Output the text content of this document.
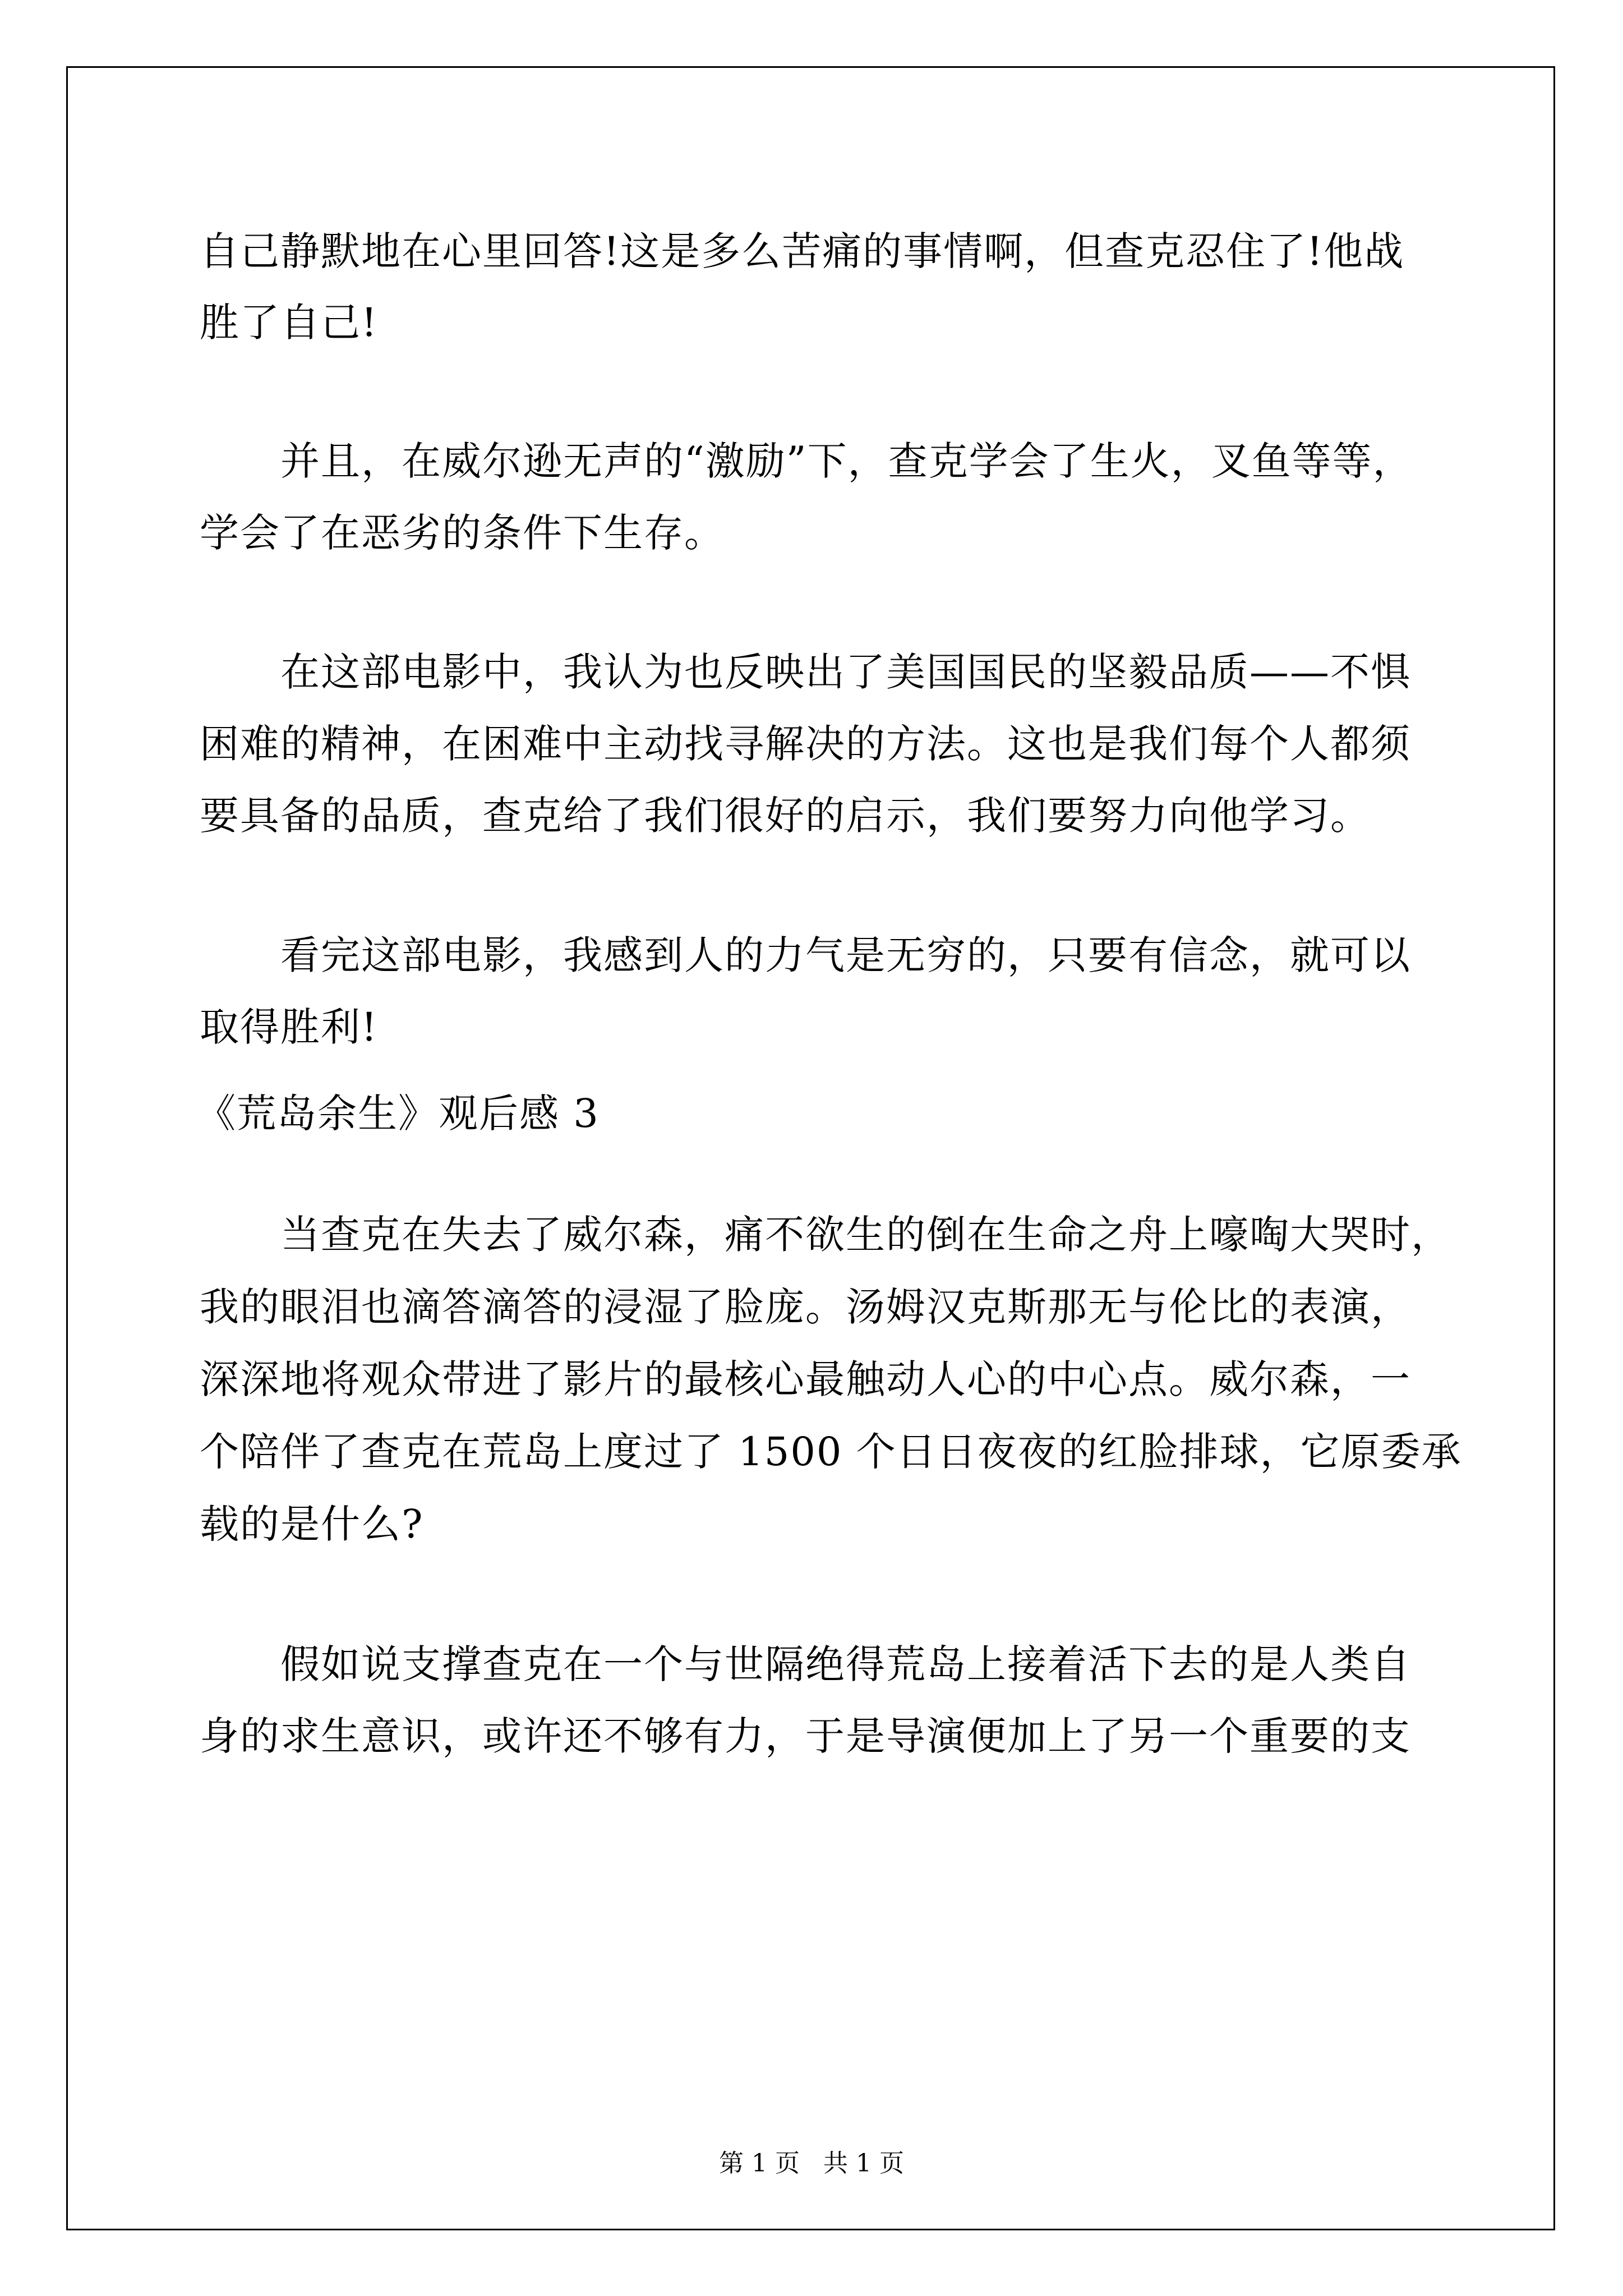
自己静默地在心里回答!这是多么苦痛的事情啊，但查克忍住了!他战
胜了自己!
并且，在威尔逊无声的“激励”下，查克学会了生火，叉鱼等等，
学会了在恶劣的条件下生存。
在这部电影中，我认为也反映出了美国国民的坚毅品质——不惧
困难的精神，在困难中主动找寻解决的方法。这也是我们每个人都须
要具备的品质，查克给了我们很好的启示，我们要努力向他学习。
看完这部电影，我感到人的力气是无穷的，只要有信念，就可以
取得胜利!
《荒岛余生》观后感 3
当查克在失去了威尔森，痛不欲生的倒在生命之舟上嚎啕大哭时，
我的眼泪也滴答滴答的浸湿了脸庞。汤姆汉克斯那无与伦比的表演，
深深地将观众带进了影片的最核心最触动人心的中心点。威尔森，一
个陪伴了查克在荒岛上度过了 1500 个日日夜夜的红脸排球，它原委承
载的是什么?
假如说支撑查克在一个与世隔绝得荒岛上接着活下去的是人类自
身的求生意识，或许还不够有力，于是导演便加上了另一个重要的支
第 1 页 共 1 页
